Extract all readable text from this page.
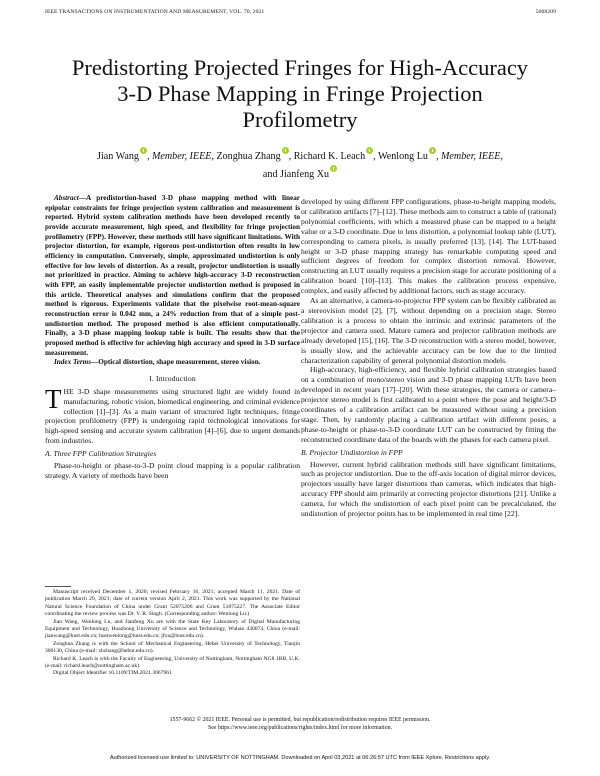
IEEE TRANSACTIONS ON INSTRUMENTATION AND MEASUREMENT, VOL. 70, 2021	5008209
Predistorting Projected Fringes for High-Accuracy
3-D Phase Mapping in Fringe Projection
Profilometry
Jian Wang , Member, IEEE, Zonghua Zhang , Richard K. Leach , Wenlong Lu , Member, IEEE,
and Jianfeng Xu

Abstract—A predistortion-based 3-D phase mapping method with linear epipolar constraints for fringe projection system calibration and measurement is reported. Hybrid system calibration methods have been developed recently to provide accurate measurement, high speed, and flexibility for fringe projection profilometry (FPP). However, these methods still have significant limitations. With projector distortion, for example, rigorous post-undistortion often results in low efficiency in computation. Conversely, simple, approximated undistortion is only effective for low levels of distortion. As a result, projector undistortion is usually not prioritized in practice. Aiming to achieve high-accuracy 3-D reconstruction with FPP, an easily implementable projector undistortion method is proposed in this article. Theoretical analyses and simulations confirm that the proposed method is rigorous. Experiments validate that the pixelwise root-mean-square reconstruction error is 0.042 mm, a 24% reduction from that of a simple post-undistortion method. The proposed method is also efficient computationally. Finally, a 3-D phase mapping lookup table is built. The results show that the proposed method is effective for achieving high accuracy and speed in 3-D surface measurement.

Index Terms—Optical distortion, shape measurement, stereo vision.

I. Introduction

THE 3-D shape measurements using structured light are widely found in manufacturing, robotic vision, biomedical engineering, and criminal evidence collection [1]–[3]. As a main variant of structured light techniques, fringe projection profilometry (FPP) is undergoing rapid technological innovations for high-speed sensing and accurate system calibration [4]–[6], due to urgent demands from industries.

A. Three FPP Calibration Strategies

Phase-to-height or phase-to-3-D point cloud mapping is a popular calibration strategy. A variety of methods have been

Manuscript received December 1, 2020; revised February 16, 2021; accepted March 11, 2021. Date of publication March 29, 2021; date of current version April 2, 2021. This work was supported by the National Natural Science Foundation of China under Grant 52075206 and Grant 51875227. The Associate Editor coordinating the review process was Dr. V. R. Singh. (Corresponding author: Wenlong Lu.)

Jian Wang, Wenlong Lu, and Jianfeng Xu are with the State Key Laboratory of Digital Manufacturing Equipment and Technology, Huazhong University of Science and Technology, Wuhan 430074, China (e-mail: jianwang@hust.edu.cn; hustwenlong@hust.edu.cn; jfxu@hust.edu.cn).

Zonghua Zhang is with the School of Mechanical Engineering, Hebei University of Technology, Tianjin 300130, China (e-mail: zhzhang@hebut.edu.cn).

Richard K. Leach is with the Faculty of Engineering, University of Nottingham, Nottingham NG8 1BB, U.K. (e-mail: richard.leach@nottingham.ac.uk).

Digital Object Identifier 10.1109/TIM.2021.3067961

developed by using different FPP configurations, phase-to-height mapping models, or calibration artifacts [7]–[12]. These methods aim to construct a table of (rational) polynomial coefficients, with which a measured phase can be mapped to a height value or a 3-D coordinate. Due to lens distortion, a polynomial lookup table (LUT), corresponding to camera pixels, is usually preferred [13], [14]. The LUT-based height or 3-D phase mapping strategy has remarkable computing speed and sufficient degrees of freedom for complex distortion removal. However, constructing an LUT usually requires a precision stage for accurate positioning of a calibration board [10]–[13]. This makes the calibration process expensive, complex, and easily affected by additional factors, such as stage accuracy.

As an alternative, a camera-to-projector FPP system can be flexibly calibrated as a stereovision model [2], [7], without depending on a precision stage. Stereo calibration is a process to obtain the intrinsic and extrinsic parameters of the projector and camera used. Mature camera and projector calibration methods are already developed [15], [16]. The 3-D reconstruction with a stereo model, however, is usually slow, and the achievable accuracy can be low due to the limited characterization capability of general polynomial distortion models.

High-accuracy, high-efficiency, and flexible hybrid calibration strategies based on a combination of mono/stereo vision and 3-D phase mapping LUTs have been developed in recent years [17]–[20]. With these strategies, the camera or camera–projector stereo model is first calibrated to a point where the pose and height/3-D coordinates of a calibration artifact can be measured without using a precision stage. Then, by randomly placing a calibration artifact with different poses, a phase-to-height or phase-to-3-D coordinate LUT can be constructed by fitting the reconstructed coordinate data of the boards with the phases for each camera pixel.

B. Projector Undistortion in FPP

However, current hybrid calibration methods still have significant limitations, such as projector undistortion. Due to the off-axis location of digital mirror devices, projectors usually have larger distortions than cameras, which indicates that high-accuracy FPP should aim primarily at correcting projector distortions [21]. Unlike a camera, for which the undistortion of each pixel point can be precalculated, the undistortion of projector points has to be implemented in real time [22].

1557-9662 © 2021 IEEE. Personal use is permitted, but republication/redistribution requires IEEE permission.
See https://www.ieee.org/publications/rights/index.html for more information.
Authorized licensed use limited to: UNIVERSITY OF NOTTINGHAM. Downloaded on April 03,2021 at 06:26:57 UTC from IEEE Xplore. Restrictions apply.
